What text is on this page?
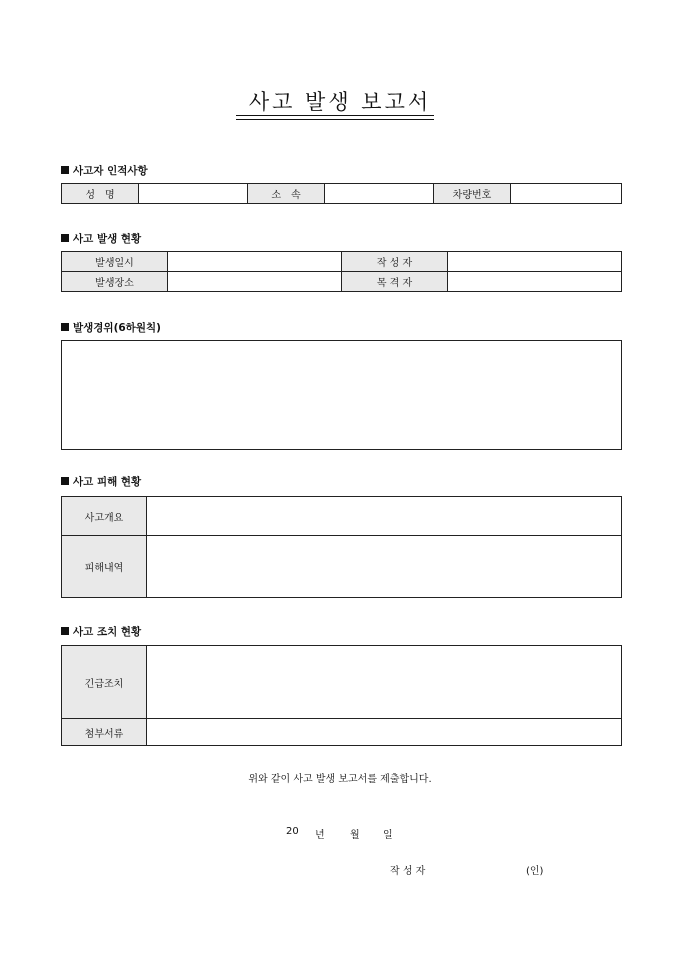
사고 발생 보고서
사고자 인적사항
성　명		소　속		차량번호	
사고 발생 현황
발생일시		작 성 자	
발생장소		목 격 자	
발생경위(6하원칙)
사고 피해 현황
사고개요	
피해내역	
사고 조치 현황
긴급조치	
첨부서류	
위와 같이 사고 발생 보고서를 제출합니다.
20 년	월 일
작 성 자	(인)
